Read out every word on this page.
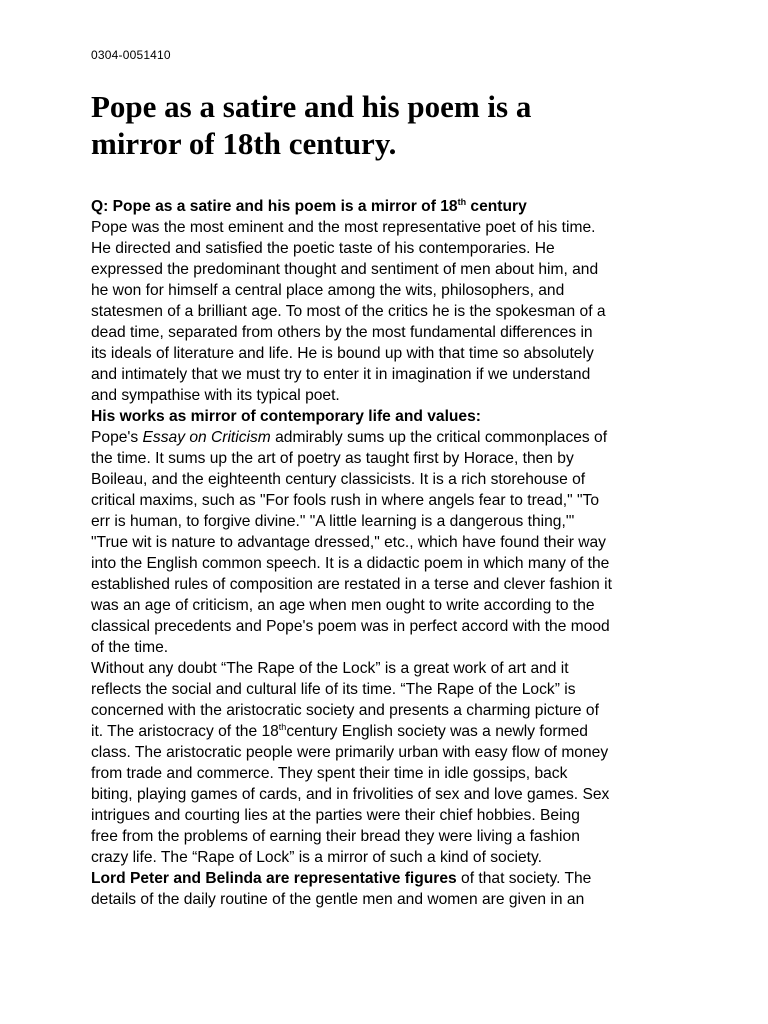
0304-0051410
Pope as a satire and his poem is a
mirror of 18th century.
Q: Pope as a satire and his poem is a mirror of 18th century
Pope was the most eminent and the most representative poet of his time.
He directed and satisfied the poetic taste of his contemporaries. He
expressed the predominant thought and sentiment of men about him, and
he won for himself a central place among the wits, philosophers, and
statesmen of a brilliant age. To most of the critics he is the spokesman of a
dead time, separated from others by the most fundamental differences in
its ideals of literature and life. He is bound up with that time so absolutely
and intimately that we must try to enter it in imagination if we understand
and sympathise with its typical poet.
His works as mirror of contemporary life and values:
Pope's Essay on Criticism admirably sums up the critical commonplaces of
the time. It sums up the art of poetry as taught first by Horace, then by
Boileau, and the eighteenth century classicists. It is a rich storehouse of
critical maxims, such as "For fools rush in where angels fear to tread," "To
err is human, to forgive divine." "A little learning is a dangerous thing,'"
"True wit is nature to advantage dressed," etc., which have found their way
into the English common speech. It is a didactic poem in which many of the
established rules of composition are restated in a terse and clever fashion it
was an age of criticism, an age when men ought to write according to the
classical precedents and Pope's poem was in perfect accord with the mood
of the time.
Without any doubt “The Rape of the Lock” is a great work of art and it
reflects the social and cultural life of its time. “The Rape of the Lock” is
concerned with the aristocratic society and presents a charming picture of
it. The aristocracy of the 18thcentury English society was a newly formed
class. The aristocratic people were primarily urban with easy flow of money
from trade and commerce. They spent their time in idle gossips, back
biting, playing games of cards, and in frivolities of sex and love games. Sex
intrigues and courting lies at the parties were their chief hobbies. Being
free from the problems of earning their bread they were living a fashion
crazy life. The “Rape of Lock” is a mirror of such a kind of society.
Lord Peter and Belinda are representative figures of that society. The
details of the daily routine of the gentle men and women are given in an
